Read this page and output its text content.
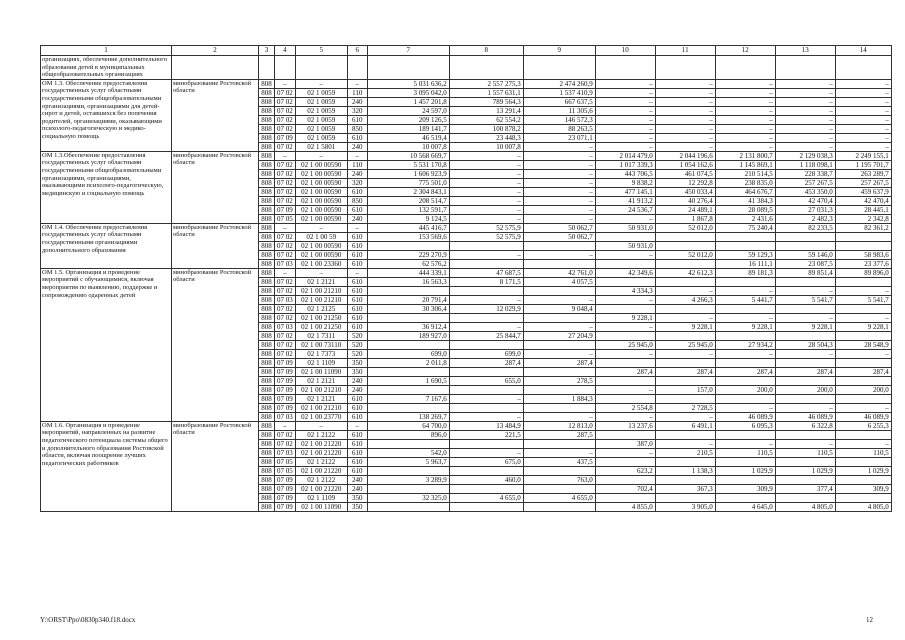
1	2	3	4	5	6	7	8	9	10	11	12	13	14
организациях, обеспечение дополнительного образования детей в муниципальных общеобразовательных организациях													
ОМ 1.3. Обеспечение предоставления государственных услуг областными государственными общеобразовательными организациями, организациями для детей-сирот и детей, оставшихся без попечения родителей, организациями, оказывающими психолого-педагогическую и медико-социальную помощь	минобразование Ростовской области	808	–	–	–	5 031 636,2	2 557 275,3	2 474 260,9	–	–	–	–	–
		808	07 02	02 1 0059	110	3 095 042,0	1 557 631,1	1 537 410,9	–	–	–	–	–
		808	07 02	02 1 0059	240	1 457 201,8	789 564,3	667 637,5	–	–	–	–	–
		808	07 02	02 1 0059	320	24 597,0	13 291,4	11 305,6	–	–	–	–	–
		808	07 02	02 1 0059	610	209 126,5	62 554,2	146 572,3	–	–	–	–	–
		808	07 02	02 1 0059	850	189 141,7	100 878,2	88 263,5	–	–	–	–	–
		808	07 09	02 1 0059	610	46 519,4	23 448,3	23 071,1	–	–	–	–	–
		808	07 02	02 1 5801	240	10 007,8	10 007,8	–	–	–	–	–	–
ОМ 1.3.Обеспечение предоставления государственных услуг областными государственными общеобразовательными организациями, организациями, оказывающими психолого-педагогическую, медицинскую и социальную помощь	минобразование Ростовской области	808	–	–	–	10 568 669,7	–	–	2 014 479,0	2 044 196,6	2 131 800,7	2 129 038,3	2 249 155,1
		808	07 02	02 1 00 00590	110	5 531 170,8	–	–	1 017 339,3	1 054 162,6	1 145 869,1	1 118 098,1	1 195 701,7
		808	07 02	02 1 00 00590	240	1 606 923,9	–	–	443 706,5	461 074,5	210 514,5	228 338,7	263 289,7
		808	07 02	02 1 00 00590	320	775 501,0	–	–	9 838,2	12 292,8	238 835,0	257 267,5	257 267,5
		808	07 02	02 1 00 00590	610	2 304 843,1	–	–	477 145,1	450 033,4	464 676,7	453 350,0	459 637,9
		808	07 02	02 1 00 00590	850	208 514,7	–	–	41 913,2	40 276,4	41 384,3	42 470,4	42 470,4
		808	07 09	02 1 00 00590	610	132 591,7	–	–	24 536,7	24 489,1	28 089,5	27 031,3	28 445,1
		808	07 05	02 1 00 00590	240	9 124,5	–	–	–	1 867,8	2 431,6	2 482,3	2 342,8
ОМ 1.4. Обеспечение предоставления государственных услуг областными государственными организациями дополнительного образования	минобразование Ростовской области	808	–	–	–	445 416,7	52 575,9	50 062,7	50 931,0	52 012,0	75 240,4	82 233,5	82 361,2
		808	07 02	02 1 00 59	610	153 569,6	52 575,9	50 062,7					
		808	07 02	02 1 00 00590	610				50 931,0				
		808	07 02	02 1 00 00590	610	229 270,9	–	–	–	52 012,0	59 129,3	59 146,0	58 983,6
		808	07 03	02 1 00 23360	610	62 576,2					16 111,1	23 087,5	23 377,6
ОМ 1.5. Организация и проведение мероприятий с обучающимися, включая мероприятия по выявлению, поддержке и сопровождению одаренных детей	минобразование Ростовской области	808	–	–	–	444 339,1	47 687,5	42 761,0	42 349,6	42 612,3	89 181,3	89 851,4	89 896,0
		808	07 02	02 1 2121	610	16 563,3	8 171,5	4 057,5					
		808	07 02	02 1 00 21210	610				4 334,3	–	–	–	–
		808	07 03	02 1 00 21210	610	20 791,4	–	–	–	4 266,3	5 441,7	5 541,7	5 541,7
		808	07 02	02 1 2125	610	30 306,4	12 029,9	9 048,4					
		808	07 02	02 1 00 21250	610				9 228,1	–	–	–	–
		808	07 03	02 1 00 21250	610	36 912,4	–	–	–	9 228,1	9 228,1	9 228,1	9 228,1
		808	07 02	02 1 7311	520	189 927,0	25 844,7	27 204,9					
		808	07 02	02 1 00 73110	520				25 945,0	25 945,0	27 934,2	28 504,3	28 548,9
		808	07 02	02 1 7373	520	699,0	699,0	–	–	–	–	–	–
		808	07 09	02 1 1109	350	2 011,8	287,4	287,4					
		808	07 09	02 1 00 11090	350				287,4	287,4	287,4	287,4	287,4
		808	07 09	02 1 2121	240	1 690,5	655,0	278,5					
		808	07 09	02 1 00 21210	240				–	157,0	200,0	200,0	200,0
		808	07 09	02 1 2121	610	7 167,6	–	1 884,3					
		808	07 09	02 1 00 21210	610				2 554,8	2 728,5	–	–	–
		808	07 03	02 1 00 23770	610	138 269,7	–	–	–	–	46 089,9	46 089,9	46 089,9
ОМ 1.6. Организация и проведение мероприятий, направленных на развитие педагогического потенциала системы общего и дополнительного образования Ростовской области, включая поощрение лучших педагогических работников	минобразование Ростовской области	808	–	–	–	64 700,0	13 484,9	12 813,0	13 237,6	6 491,1	6 095,3	6 322,8	6 255,3
		808	07 02	02 1 2122	610	896,0	221,5	287,5					
		808	07 02	02 1 00 21220	610				387,0	–	–	–	–
		808	07 03	02 1 00 21220	610	542,0	–	–	–	210,5	110,5	110,5	110,5
		808	07 05	02 1 2122	610	5 963,7	675,0	437,5					
		808	07 05	02 1 00 21220	610				623,2	1 138,3	1 029,9	1 029,9	1 029,9
		808	07 09	02 1 2122	240	3 289,9	460,0	763,0					
		808	07 09	02 1 00 21220	240				702,4	367,3	309,9	377,4	309,9
		808	07 09	02 1 1109	350	32 325,0	4 655,0	4 655,0					
		808	07 09	02 1 00 11090	350				4 855,0	3 905,0	4 645,0	4 805,0	4 805,0
Y:\ORST\Ppo\0830p340.f18.docx	12
